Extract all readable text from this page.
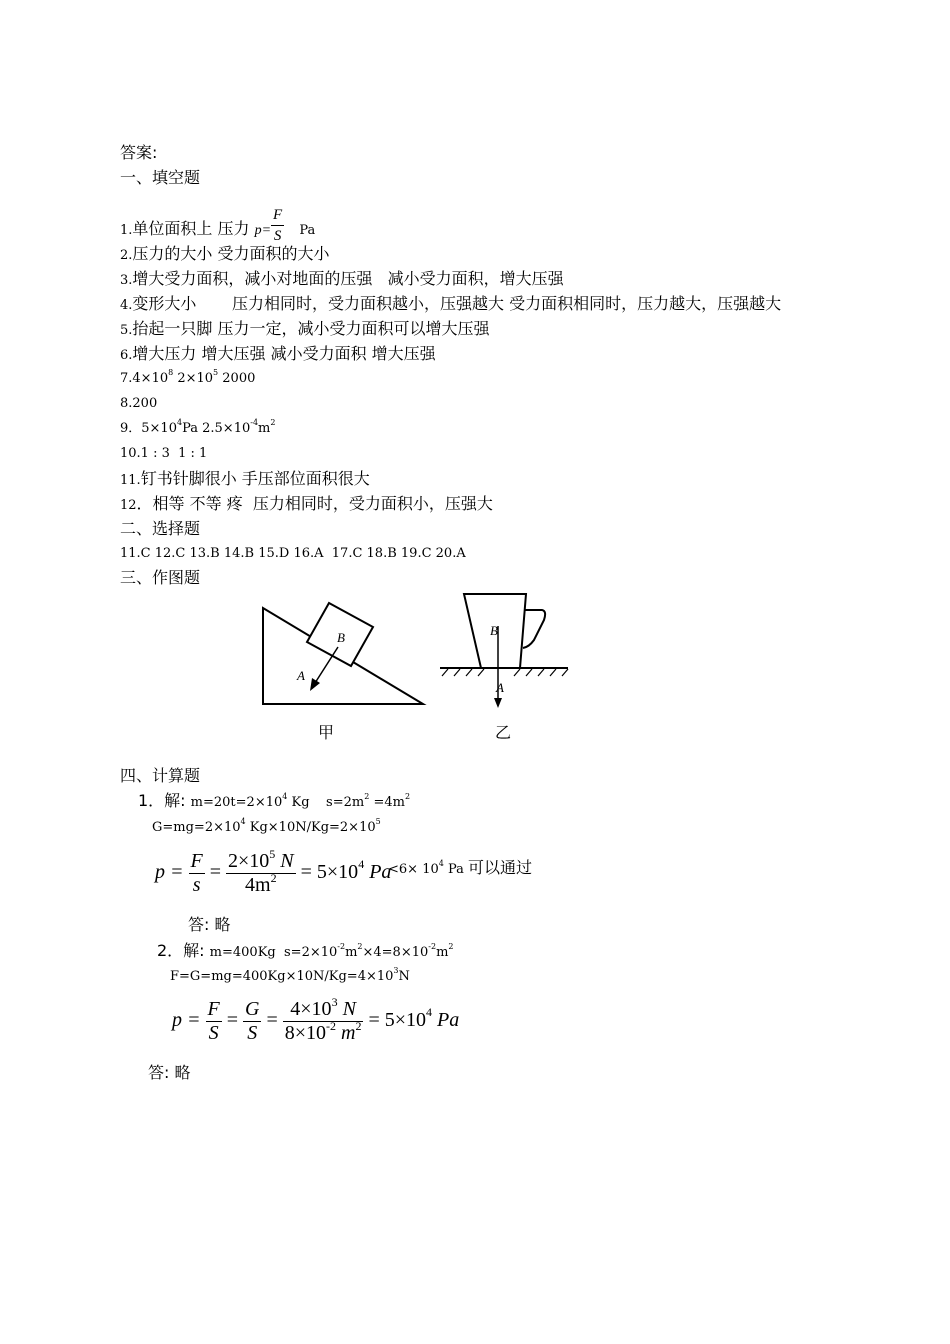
答案:
一、填空题
1.单位面积上 压力 $p= \frac{F}{S}$ Pa
2.压力的大小 受力面积的大小
3.增大受力面积，减小对地面的压强   减小受力面积，增大压强
4.变形大小       压力相同时，受力面积越小，压强越大 受力面积相同时，压力越大，压强越大
5.抬起一只脚 压力一定，减小受力面积可以增大压强
6.增大压力 增大压强 减小受力面积 增大压强
$7.4\times 10^8$ $2\times 10^5$ 2000
8.200
9．$5\times 10^4Pa$ $2.5\times 10^{-4}m^2$
10.1 : 3  1 : 1
11.钉书针脚很小 手压部位面积很大
12．相等 不等 疼  压力相同时，受力面积小，压强大
二、选择题
11.C 12.C 13.B 14.B 15.D 16.A  17.C 18.B 19.C 20.A
三、作图题
B
A
甲
B
A
乙
四、计算题
1．解: $m=20t=2\times 10^4$ Kg    $s=2m^2 =4m^2$
$G=mg=2\times 10^4$ $Kg\times 10N/Kg=2\times 10^5$
$p = \frac{F}{s} = \frac{2\times 10^5 N}{4m^2} = 5\times 10^4$ Pa
$<6\times 10^4$ Pa 可以通过
答: 略
2．解: m=400Kg  $s=2\times 10^{-2}m^2\times 4=8\times 10^{-2}m^2$
$F=G=mg=400Kg\times 10N/Kg=4\times 10^3N$
$p = \frac{F}{S} = \frac{G}{S} = \frac{4\times 10^3 N}{8\times 10^{-2} m^2} = 5\times 10^4$ Pa
答: 略
